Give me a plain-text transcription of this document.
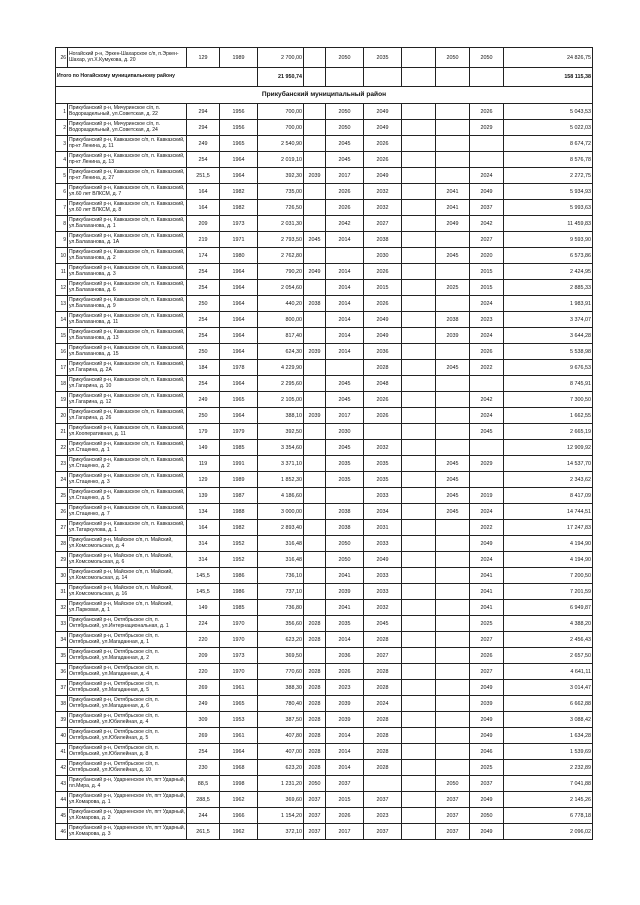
26	Ногайский р-н, Эркен-Шахарское с/п, п.Эркен-Шахар, ул.Х.Кумукова, д. 20	129	1989	2 700,00		2050	2035		2050	2050	24 826,75
Итого по Ногайскому муниципальному району				21 950,74							158 115,38
Прикубанский муниципальный район											
1	Прикубанский р-н, Мичуринское с/п, п. Водораздельный, ул.Советская, д. 22	294	1956	700,00		2050	2049			2026	5 043,53
2	Прикубанский р-н, Мичуринское с/п, п. Водораздельный, ул.Советская, д. 24	294	1956	700,00		2050	2049			2029	5 022,03
3	Прикубанский р-н, Кавказское с/п, п. Кавказский, пр-кт Ленина, д. 11	249	1965	2 540,90		2045	2026				8 674,72
4	Прикубанский р-н, Кавказское с/п, п. Кавказский, пр-кт Ленина, д. 13	254	1964	2 019,10		2045	2026				8 576,78
5	Прикубанский р-н, Кавказское с/п, п. Кавказский, пр-кт Ленина, д. 27	251,5	1964	392,30	2039	2017	2049			2024	2 272,75
6	Прикубанский р-н, Кавказское с/п, п. Кавказский, ул.60 лет ВЛКСМ, д. 7	164	1982	735,00		2026	2032		2041	2049	5 934,93
7	Прикубанский р-н, Кавказское с/п, п. Кавказский, ул.60 лет ВЛКСМ, д. 8	164	1982	726,50		2026	2032		2041	2037	5 993,63
8	Прикубанский р-н, Кавказское с/п, п. Кавказский, ул.Балаханова, д. 1	209	1973	2 031,30		2042	2027		2049	2042	11 459,83
9	Прикубанский р-н, Кавказское с/п, п. Кавказский, ул.Балаханова, д. 1А	219	1971	2 793,50	2045	2014	2038			2027	9 593,90
10	Прикубанский р-н, Кавказское с/п, п. Кавказский, ул.Балаханова, д. 2	174	1980	2 762,80			2030		2045	2020	6 573,86
11	Прикубанский р-н, Кавказское с/п, п. Кавказский, ул.Балаханова, д. 3	254	1964	790,20	2049	2014	2026			2015	2 424,95
12	Прикубанский р-н, Кавказское с/п, п. Кавказский, ул.Балаханова, д. 6	254	1964	2 054,60		2014	2015		2025	2015	2 885,33
13	Прикубанский р-н, Кавказское с/п, п. Кавказский, ул.Балаханова, д. 9	250	1964	440,20	2038	2014	2026			2024	1 983,91
14	Прикубанский р-н, Кавказское с/п, п. Кавказский, ул.Балаханова, д. 11	254	1964	800,00		2014	2049		2038	2023	3 374,07
15	Прикубанский р-н, Кавказское с/п, п. Кавказский, ул.Балаханова, д. 13	254	1964	817,40		2014	2049		2039	2024	3 644,28
16	Прикубанский р-н, Кавказское с/п, п. Кавказский, ул.Балаханова, д. 15	250	1964	624,30	2039	2014	2036			2026	5 538,98
17	Прикубанский р-н, Кавказское с/п, п. Кавказский, ул.Гагарина, д. 2А	184	1978	4 229,90			2028		2045	2022	9 676,53
18	Прикубанский р-н, Кавказское с/п, п. Кавказский, ул.Гагарина, д. 10	254	1964	2 295,60		2045	2048				8 745,91
19	Прикубанский р-н, Кавказское с/п, п. Кавказский, ул.Гагарина, д. 12	249	1965	2 105,00		2045	2026			2042	7 300,50
20	Прикубанский р-н, Кавказское с/п, п. Кавказский, ул.Гагарина, д. 26	250	1964	388,10	2039	2017	2026			2024	1 662,55
21	Прикубанский р-н, Кавказское с/п, п. Кавказский, ул.Кооперативная, д. 11	179	1979	392,50		2030				2045	2 665,19
22	Прикубанский р-н, Кавказское с/п, п. Кавказский, ул.Стаценко, д. 1	149	1985	3 354,60		2045	2032				12 909,92
23	Прикубанский р-н, Кавказское с/п, п. Кавказский, ул.Стаценко, д. 2	119	1991	3 371,10		2035	2035		2045	2029	14 537,70
24	Прикубанский р-н, Кавказское с/п, п. Кавказский, ул.Стаценко, д. 3	129	1989	1 852,30		2035	2035		2045		2 343,62
25	Прикубанский р-н, Кавказское с/п, п. Кавказский, ул.Стаценко, д. 5	139	1987	4 186,60			2033		2045	2019	8 417,09
26	Прикубанский р-н, Кавказское с/п, п. Кавказский, ул.Стаценко, д. 7	134	1988	3 000,00		2038	2034		2045	2024	14 744,51
27	Прикубанский р-н, Кавказское с/п, п. Кавказский, ул.Татаркулова, д. 1	164	1982	2 893,40		2038	2031			2022	17 247,83
28	Прикубанский р-н, Майское с/п, п. Майский, ул.Комсомольская, д. 4	314	1952	316,48		2050	2033			2049	4 194,90
29	Прикубанский р-н, Майское с/п, п. Майский, ул.Комсомольская, д. 6	314	1952	316,48		2050	2049			2024	4 194,90
30	Прикубанский р-н, Майское с/п, п. Майский, ул.Комсомольская, д. 14	145,5	1986	736,10		2041	2033			2041	7 200,50
31	Прикубанский р-н, Майское с/п, п. Майский, ул.Комсомольская, д. 16	145,5	1986	737,10		2039	2033			2041	7 201,59
32	Прикубанский р-н, Майское с/п, п. Майский, ул.Парковая, д. 1	149	1985	736,80		2041	2032			2041	6 949,87
33	Прикубанский р-н, Октябрьское с/п, п. Октябрьский, ул.Интернациональная, д. 1	224	1970	356,60	2028	2035	2045			2025	4 388,20
34	Прикубанский р-н, Октябрьское с/п, п. Октябрьский, ул.Магаданная, д. 1	220	1970	623,20	2028	2014	2028			2027	2 456,43
35	Прикубанский р-н, Октябрьское с/п, п. Октябрьский, ул.Магаданная, д. 2	209	1973	369,50		2036	2027			2026	2 657,50
36	Прикубанский р-н, Октябрьское с/п, п. Октябрьский, ул.Магаданная, д. 4	220	1970	770,60	2028	2026	2028			2027	4 641,11
37	Прикубанский р-н, Октябрьское с/п, п. Октябрьский, ул.Магаданная, д. 5	269	1961	388,30	2028	2023	2028			2049	3 014,47
38	Прикубанский р-н, Октябрьское с/п, п. Октябрьский, ул.Магаданная, д. 6	249	1965	780,40	2028	2039	2024			2039	6 662,88
39	Прикубанский р-н, Октябрьское с/п, п. Октябрьский, ул.Юбилейная, д. 4	309	1953	387,50	2028	2039	2028			2049	3 088,42
40	Прикубанский р-н, Октябрьское с/п, п. Октябрьский, ул.Юбилейная, д. 5	269	1961	407,80	2028	2014	2028			2049	1 634,28
41	Прикубанский р-н, Октябрьское с/п, п. Октябрьский, ул.Юбилейная, д. 8	254	1964	407,00	2028	2014	2028			2046	1 539,69
42	Прикубанский р-н, Октябрьское с/п, п. Октябрьский, ул.Юбилейная, д. 10	230	1968	623,20	2028	2014	2028			2025	2 232,89
43	Прикубанский р-н, Ударненское г/п, пгт Ударный, пл.Мира, д. 4	88,5	1998	1 231,20	2050	2037			2050	2037	7 041,88
44	Прикубанский р-н, Ударненское г/п, пгт Ударный, ул.Комарова, д. 1	288,5	1962	369,60	2037	2015	2037		2037	2049	2 145,26
45	Прикубанский р-н, Ударненское г/п, пгт Ударный, ул.Комарова, д. 2	244	1966	1 154,20	2037	2026	2023		2037	2050	6 778,18
46	Прикубанский р-н, Ударненское г/п, пгт Ударный, ул.Комарова, д. 3	261,5	1962	372,10	2037	2017	2037		2037	2049	2 096,02
